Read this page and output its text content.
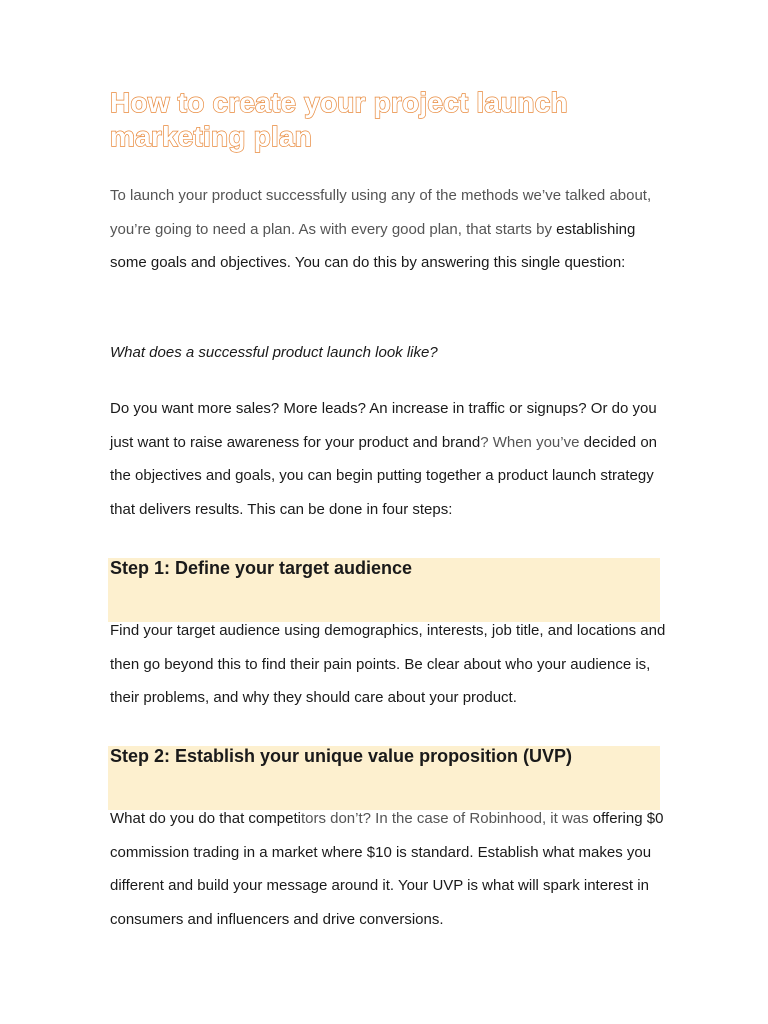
How to create your project launch marketing plan

To launch your product successfully using any of the methods we’ve talked about, you’re going to need a plan. As with every good plan, that starts by establishing some goals and objectives. You can do this by answering this single question:

What does a successful product launch look like?

Do you want more sales? More leads? An increase in traffic or signups? Or do you just want to raise awareness for your product and brand? When you’ve decided on the objectives and goals, you can begin putting together a product launch strategy that delivers results. This can be done in four steps:

Step 1: Define your target audience

Find your target audience using demographics, interests, job title, and locations and then go beyond this to find their pain points. Be clear about who your audience is, their problems, and why they should care about your product.

Step 2: Establish your unique value proposition (UVP)

What do you do that competitors don’t? In the case of Robinhood, it was offering $0 commission trading in a market where $10 is standard. Establish what makes you different and build your message around it. Your UVP is what will spark interest in consumers and influencers and drive conversions.
